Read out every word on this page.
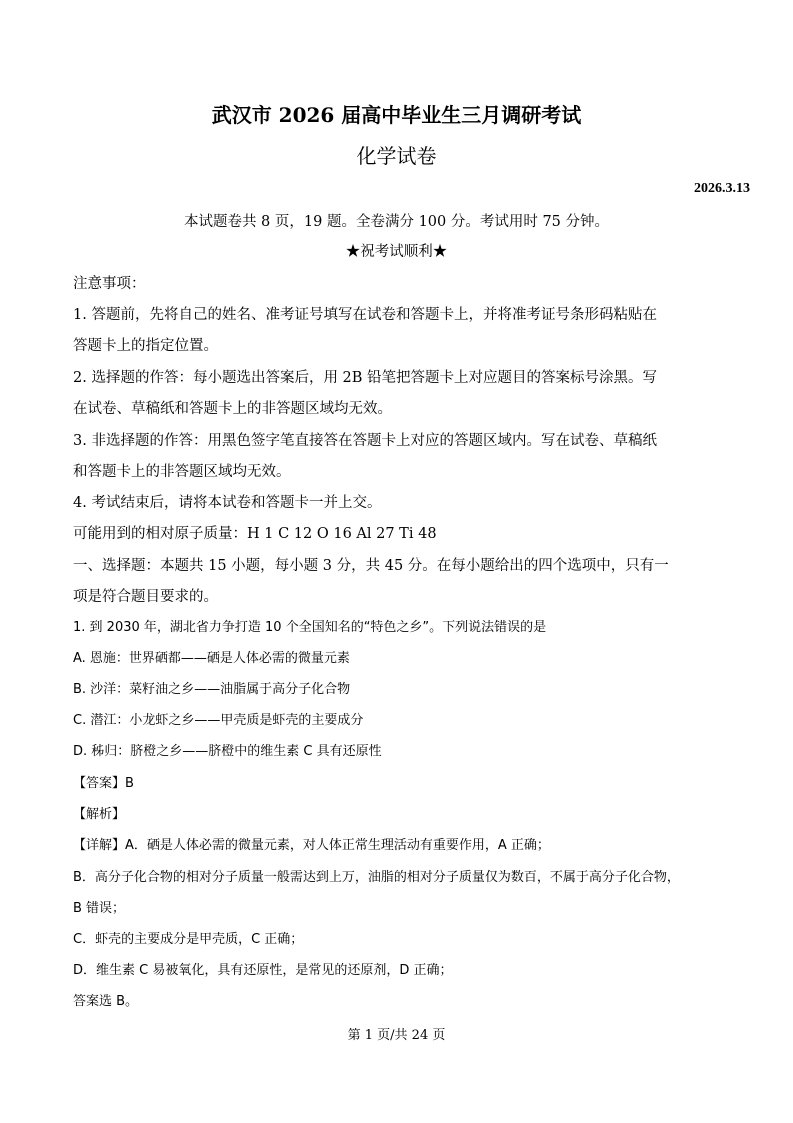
武汉市 2026 届高中毕业生三月调研考试
化学试卷
2026.3.13
本试题卷共 8 页，19 题。全卷满分 100 分。考试用时 75 分钟。
★祝考试顺利★
注意事项：
1. 答题前，先将自己的姓名、准考证号填写在试卷和答题卡上，并将准考证号条形码粘贴在
答题卡上的指定位置。
2. 选择题的作答：每小题选出答案后，用 2B 铅笔把答题卡上对应题目的答案标号涂黑。写
在试卷、草稿纸和答题卡上的非答题区域均无效。
3. 非选择题的作答：用黑色签字笔直接答在答题卡上对应的答题区域内。写在试卷、草稿纸
和答题卡上的非答题区域均无效。
4. 考试结束后，请将本试卷和答题卡一并上交。
可能用到的相对原子质量：H 1 C 12 O 16 Al 27 Ti 48
一、选择题：本题共 15 小题，每小题 3 分，共 45 分。在每小题给出的四个选项中，只有一
项是符合题目要求的。
1. 到 2030 年，湖北省力争打造 10 个全国知名的“特色之乡”。下列说法错误的是
A. 恩施：世界硒都——硒是人体必需的微量元素
B. 沙洋：菜籽油之乡——油脂属于高分子化合物
C. 潜江：小龙虾之乡——甲壳质是虾壳的主要成分
D. 秭归：脐橙之乡——脐橙中的维生素 C 具有还原性
【答案】B
【解析】
【详解】A．硒是人体必需的微量元素，对人体正常生理活动有重要作用，A 正确；
B．高分子化合物的相对分子质量一般需达到上万，油脂的相对分子质量仅为数百，不属于高分子化合物，
B 错误；
C．虾壳的主要成分是甲壳质，C 正确；
D．维生素 C 易被氧化，具有还原性，是常见的还原剂，D 正确；
答案选 B。
第 1 页/共 24 页
